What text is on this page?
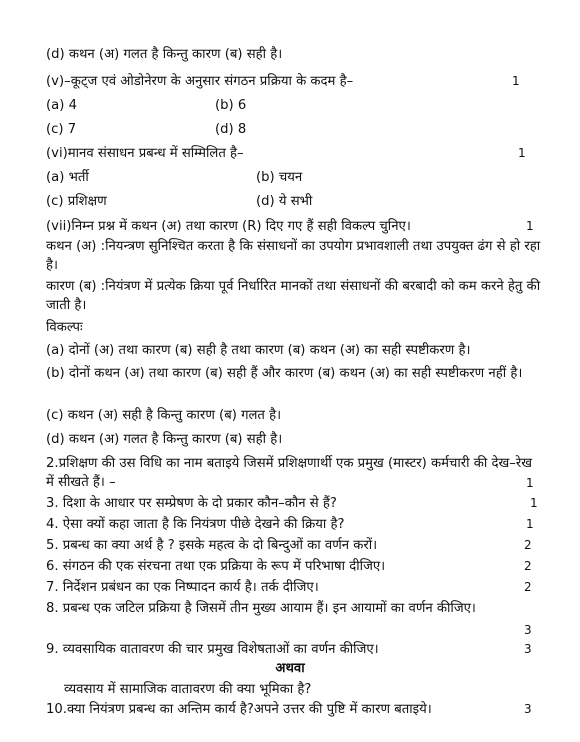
(d) कथन (अ) गलत है किन्तु कारण (ब) सही है।
(v)–कूट्ज एवं ओडोनेरण के अनुसार संगठन प्रक्रिया के कदम है–	1
(a) 4	(b) 6
(c) 7	(d) 8
(vi)मानव संसाधन प्रबन्ध में सम्मिलित है–	1
(a) भर्ती	(b) चयन
(c) प्रशिक्षण	(d) ये सभी
(vii)निम्न प्रश्न में कथन (अ) तथा कारण (R) दिए गए हैं सही विकल्प चुनिए।	1
कथन (अ) :नियन्त्रण सुनिश्चित करता है कि संसाधनों का उपयोग प्रभावशाली तथा उपयुक्त ढंग से हो रहा है।
कारण (ब) :नियंत्रण में प्रत्येक क्रिया पूर्व निर्धारित मानकों तथा संसाधनों की बरबादी को कम करने हेतु की जाती है।
विकल्पः
(a) दोनों (अ) तथा कारण (ब) सही है तथा कारण (ब) कथन (अ) का सही स्पष्टीकरण है।
(b) दोनों कथन (अ) तथा कारण (ब) सही हैं और कारण (ब) कथन (अ) का सही स्पष्टीकरण नहीं है।
(c) कथन (अ) सही है किन्तु कारण (ब) गलत है।
(d) कथन (अ) गलत है किन्तु कारण (ब) सही है।
2.प्रशिक्षण की उस विधि का नाम बताइये जिसमें प्रशिक्षणार्थी एक प्रमुख (मास्टर) कर्मचारी की देख–रेख में सीखते हैं। –	1
3. दिशा के आधार पर सम्प्रेषण के दो प्रकार कौन–कौन से हैं?	1
4. ऐसा क्यों कहा जाता है कि नियंत्रण पीछे देखने की क्रिया है?	1
5. प्रबन्ध का क्या अर्थ है ? इसके महत्व के दो बिन्दुओं का वर्णन करों।	2
6. संगठन की एक संरचना तथा एक प्रक्रिया के रूप में परिभाषा दीजिए।	2
7. निर्देशन प्रबंधन का एक निष्पादन कार्य है। तर्क दीजिए।	2
8. प्रबन्ध एक जटिल प्रक्रिया है जिसमें तीन मुख्य आयाम हैं। इन आयामों का वर्णन कीजिए।
3
9. व्यवसायिक वातावरण की चार प्रमुख विशेषताओं का वर्णन कीजिए।	3
अथवा
व्यवसाय में सामाजिक वातावरण की क्या भूमिका है?
10.क्या नियंत्रण प्रबन्ध का अन्तिम कार्य है?अपने उत्तर की पुष्टि में कारण बताइये।	3
